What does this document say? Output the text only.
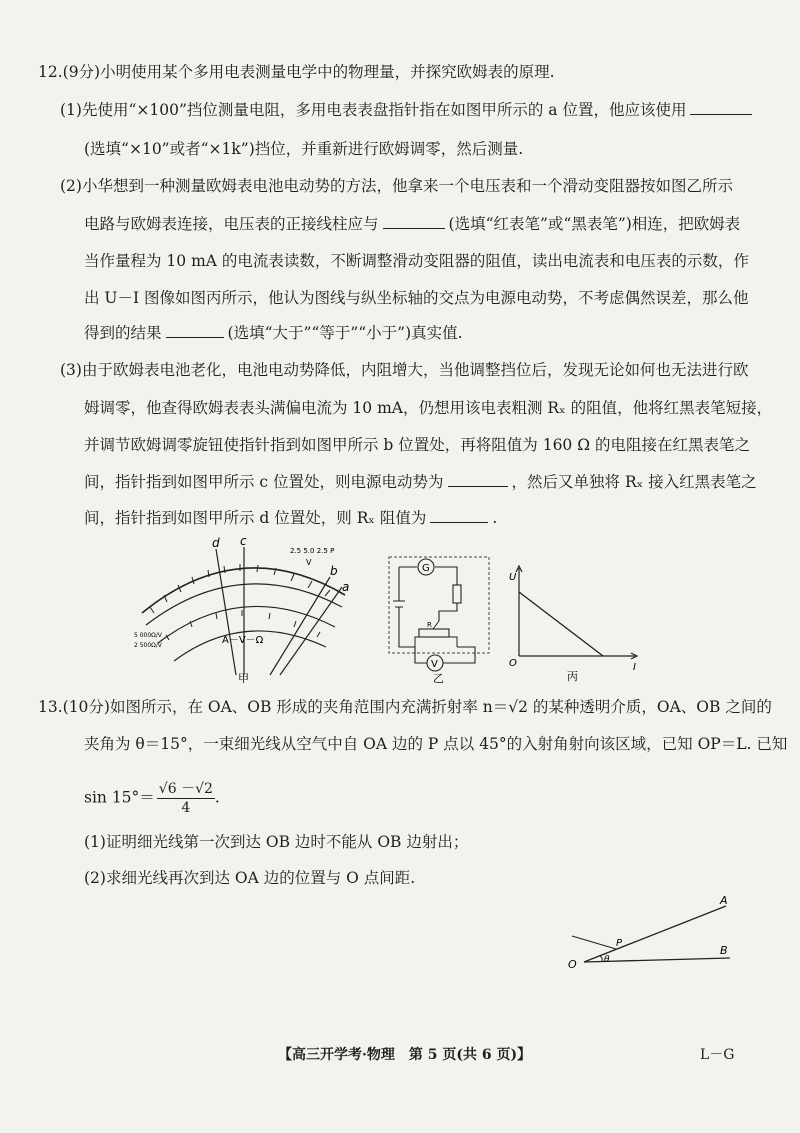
12.(9分)小明使用某个多用电表测量电学中的物理量，并探究欧姆表的原理.
(1)先使用“×100”挡位测量电阻，多用电表表盘指针指在如图甲所示的 a 位置，他应该使用
(选填“×10”或者“×1k”)挡位，并重新进行欧姆调零，然后测量.
(2)小华想到一种测量欧姆表电池电动势的方法，他拿来一个电压表和一个滑动变阻器按如图乙所示
电路与欧姆表连接，电压表的正接线柱应与	(选填“红表笔”或“黑表笔”)相连，把欧姆表
当作量程为 10 mA 的电流表读数，不断调整滑动变阻器的阻值，读出电流表和电压表的示数，作
出 U－I 图像如图丙所示，他认为图线与纵坐标轴的交点为电源电动势，不考虑偶然误差，那么他
得到的结果	(选填“大于”“等于”“小于”)真实值.
(3)由于欧姆表电池老化，电池电动势降低，内阻增大，当他调整挡位后，发现无论如何也无法进行欧
姆调零，他查得欧姆表表头满偏电流为 10 mA，仍想用该电表粗测 Rₓ 的阻值，他将红黑表笔短接，
并调节欧姆调零旋钮使指针指到如图甲所示 b 位置处，再将阻值为 160 Ω 的电阻接在红黑表笔之
间，指针指到如图甲所示 c 位置处，则电源电动势为	，然后又单独将 Rₓ 接入红黑表笔之
间，指针指到如图甲所示 d 位置处，则 Rₓ 阻值为	.
d c
b
a
2.5 5.0 2.5 P
V
5 000Ω/V
2 500Ω/V	A－V－Ω
甲
G
R
V
乙
U
I
O
丙
13.(10分)如图所示，在 OA、OB 形成的夹角范围内充满折射率 n＝√2 的某种透明介质，OA、OB 之间的
夹角为 θ＝15°，一束细光线从空气中自 OA 边的 P 点以 45°的入射角射向该区域，已知 OP＝L. 已知
$\sin 15^\circ= \frac{√6 -√2}{4}$ .
(1)证明细光线第一次到达 OB 边时不能从 OB 边射出；
(2)求细光线再次到达 OA 边的位置与 O 点间距.
A
B
O
P
θ
【高三开学考·物理　第 5 页(共 6 页)】	L－G
